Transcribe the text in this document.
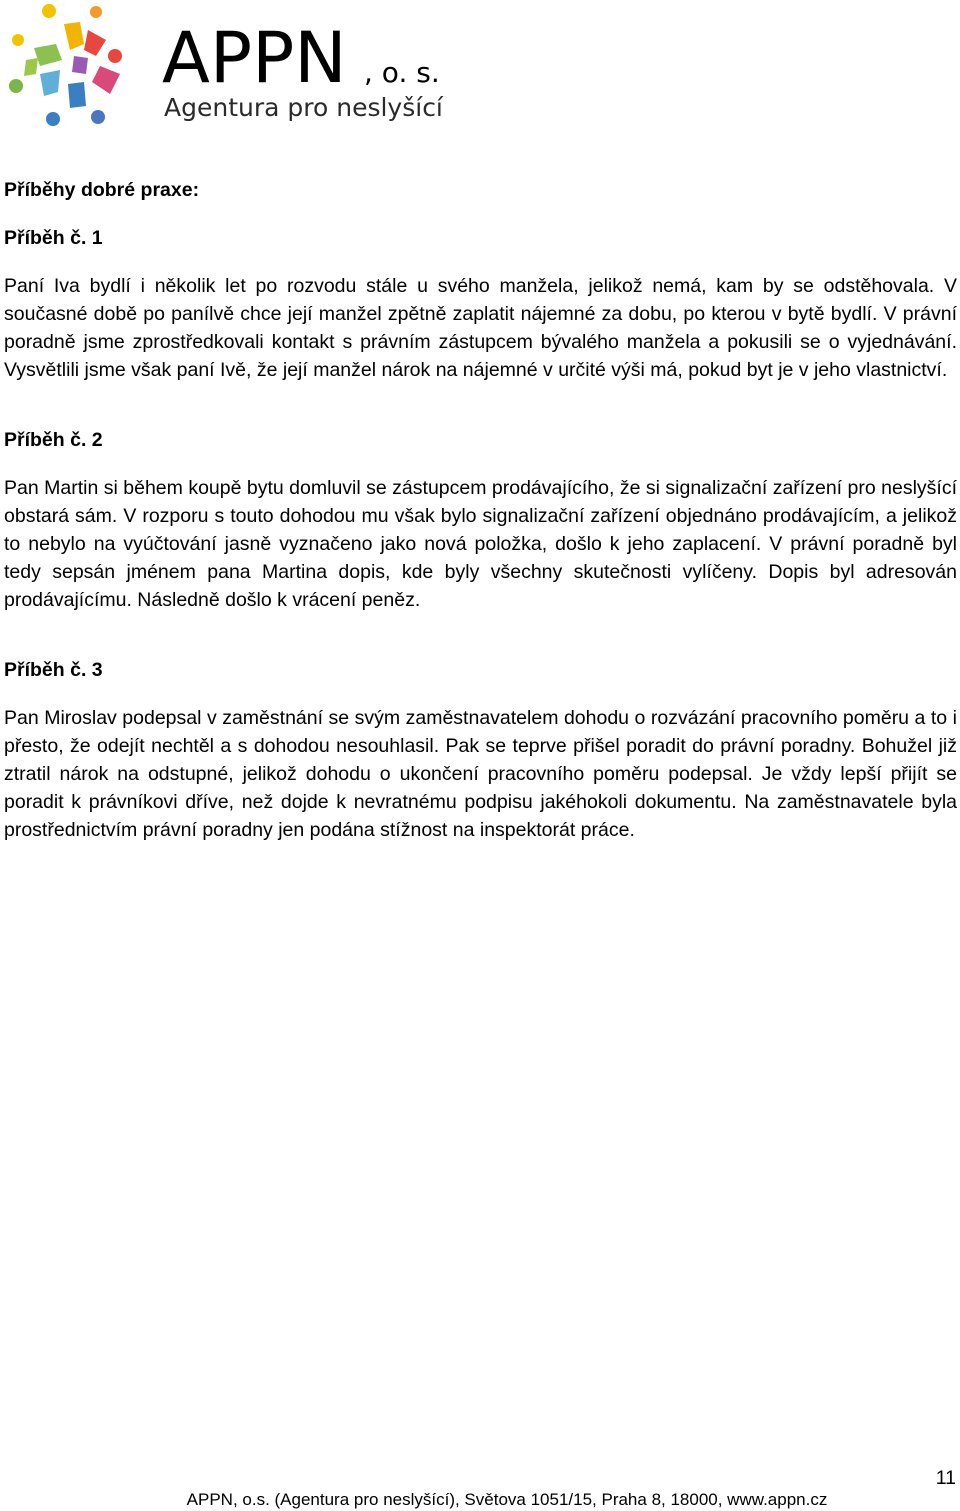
APPN , o. s.
Agentura pro neslyšící

Příběhy dobré praxe:

Příběh č. 1

Paní Iva bydlí i několik let po rozvodu stále u svého manžela, jelikož nemá, kam by se odstěhovala. V současné době po panílvě chce její manžel zpětně zaplatit nájemné za dobu, po kterou v bytě bydlí. V právní poradně jsme zprostředkovali kontakt s právním zástupcem bývalého manžela a pokusili se o vyjednávání. Vysvětlili jsme však paní Ivě, že její manžel nárok na nájemné v určité výši má, pokud byt je v jeho vlastnictví.

Příběh č. 2

Pan Martin si během koupě bytu domluvil se zástupcem prodávajícího, že si signalizační zařízení pro neslyšící obstará sám. V rozporu s touto dohodou mu však bylo signalizační zařízení objednáno prodávajícím, a jelikož to nebylo na vyúčtování jasně vyznačeno jako nová položka, došlo k jeho zaplacení. V právní poradně byl tedy sepsán jménem pana Martina dopis, kde byly všechny skutečnosti vylíčeny. Dopis byl adresován prodávajícímu. Následně došlo k vrácení peněz.

Příběh č. 3

Pan Miroslav podepsal v zaměstnání se svým zaměstnavatelem dohodu o rozvázání pracovního poměru a to i přesto, že odejít nechtěl a s dohodou nesouhlasil. Pak se teprve přišel poradit do právní poradny. Bohužel již ztratil nárok na odstupné, jelikož dohodu o ukončení pracovního poměru podepsal. Je vždy lepší přijít se poradit k právníkovi dříve, než dojde k nevratnému podpisu jakéhokoli dokumentu. Na zaměstnavatele byla prostřednictvím právní poradny jen podána stížnost na inspektorát práce.

11
APPN, o.s. (Agentura pro neslyšící), Světova 1051/15, Praha 8, 18000, www.appn.cz
